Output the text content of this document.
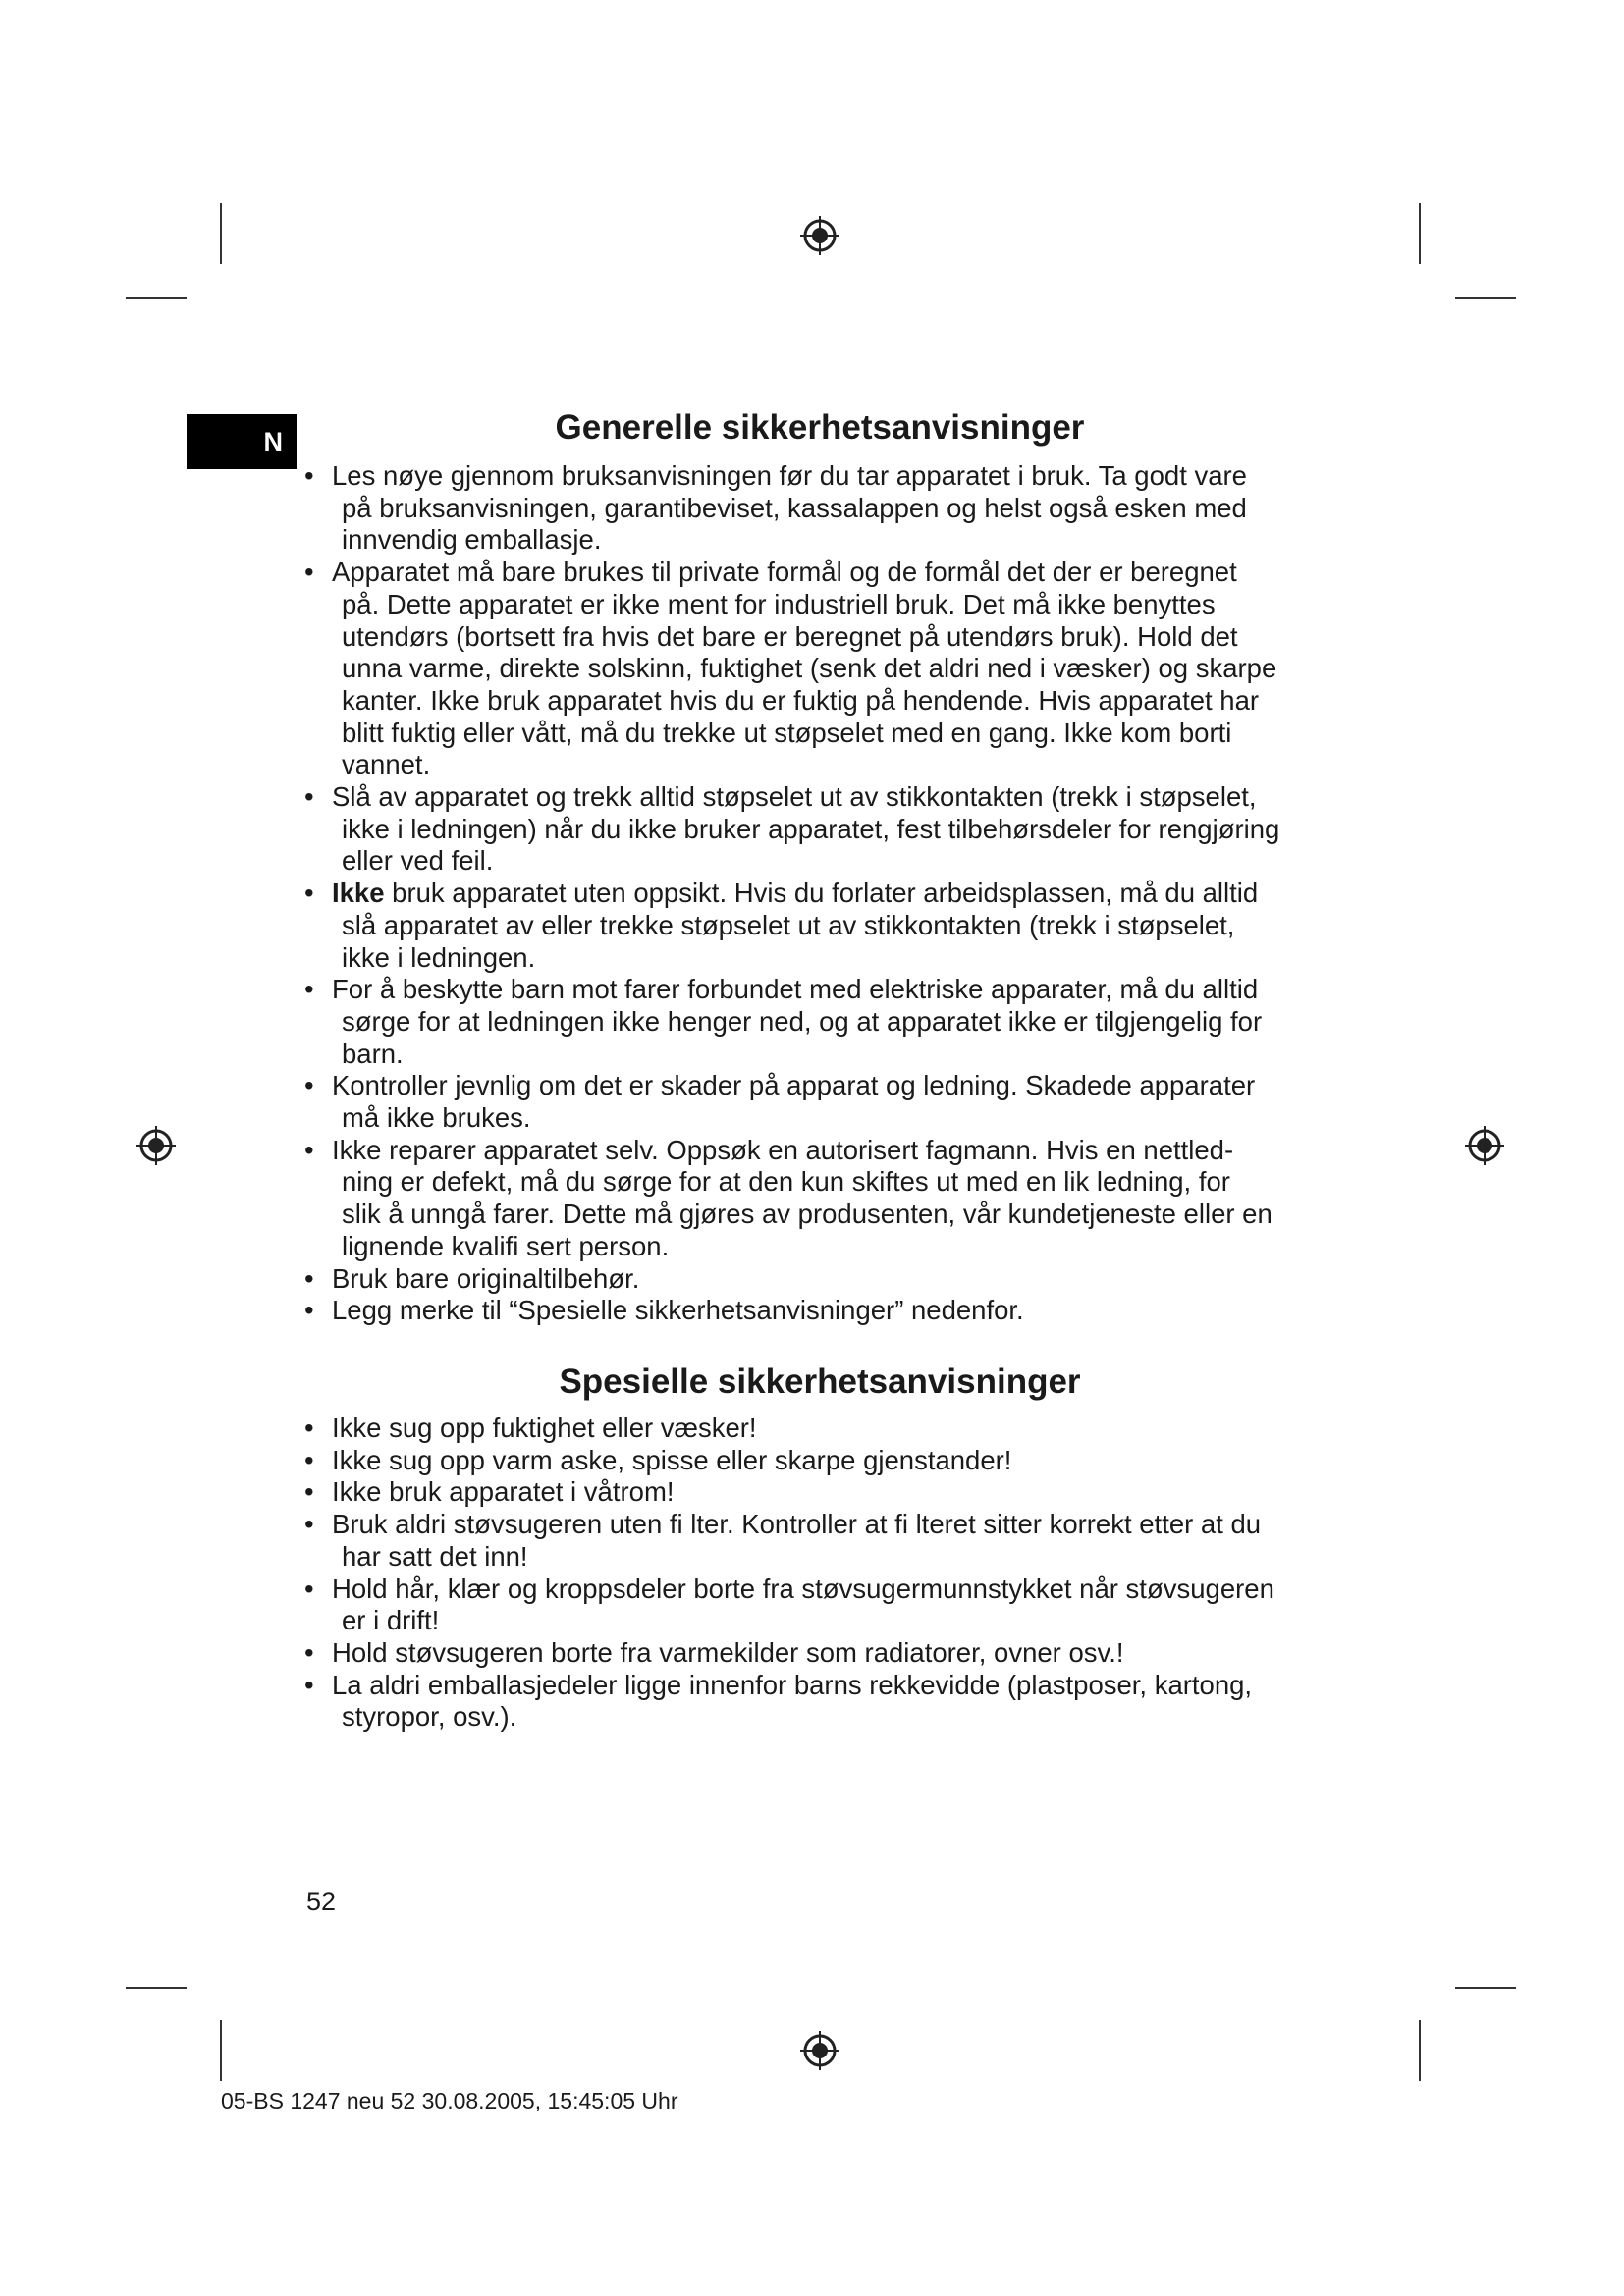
N	Generelle sikkerhetsanvisninger
• Les nøye gjennom bruksanvisningen før du tar apparatet i bruk. Ta godt vare
på bruksanvisningen, garantibeviset, kassalappen og helst også esken med
innvendig emballasje.
• Apparatet må bare brukes til private formål og de formål det der er beregnet
på. Dette apparatet er ikke ment for industriell bruk. Det må ikke benyttes
utendørs (bortsett fra hvis det bare er beregnet på utendørs bruk). Hold det
unna varme, direkte solskinn, fuktighet (senk det aldri ned i væsker) og skarpe
kanter. Ikke bruk apparatet hvis du er fuktig på hendende. Hvis apparatet har
blitt fuktig eller vått, må du trekke ut støpselet med en gang. Ikke kom borti
vannet.
• Slå av apparatet og trekk alltid støpselet ut av stikkontakten (trekk i støpselet,
ikke i ledningen) når du ikke bruker apparatet, fest tilbehørsdeler for rengjøring
eller ved feil.
• Ikke bruk apparatet uten oppsikt. Hvis du forlater arbeidsplassen, må du alltid
slå apparatet av eller trekke støpselet ut av stikkontakten (trekk i støpselet,
ikke i ledningen.
• For å beskytte barn mot farer forbundet med elektriske apparater, må du alltid
sørge for at ledningen ikke henger ned, og at apparatet ikke er tilgjengelig for
barn.
• Kontroller jevnlig om det er skader på apparat og ledning. Skadede apparater
må ikke brukes.
• Ikke reparer apparatet selv. Oppsøk en autorisert fagmann. Hvis en nettled-
ning er defekt, må du sørge for at den kun skiftes ut med en lik ledning, for
slik å unngå farer. Dette må gjøres av produsenten, vår kundetjeneste eller en
lignende kvalifi sert person.
• Bruk bare originaltilbehør.
• Legg merke til “Spesielle sikkerhetsanvisninger” nedenfor.
Spesielle sikkerhetsanvisninger
• Ikke sug opp fuktighet eller væsker!
• Ikke sug opp varm aske, spisse eller skarpe gjenstander!
• Ikke bruk apparatet i våtrom!
• Bruk aldri støvsugeren uten fi lter. Kontroller at fi lteret sitter korrekt etter at du
har satt det inn!
• Hold hår, klær og kroppsdeler borte fra støvsugermunnstykket når støvsugeren
er i drift!
• Hold støvsugeren borte fra varmekilder som radiatorer, ovner osv.!
• La aldri emballasjedeler ligge innenfor barns rekkevidde (plastposer, kartong,
styropor, osv.).
52
05-BS 1247 neu 52 30.08.2005, 15:45:05 Uhr
